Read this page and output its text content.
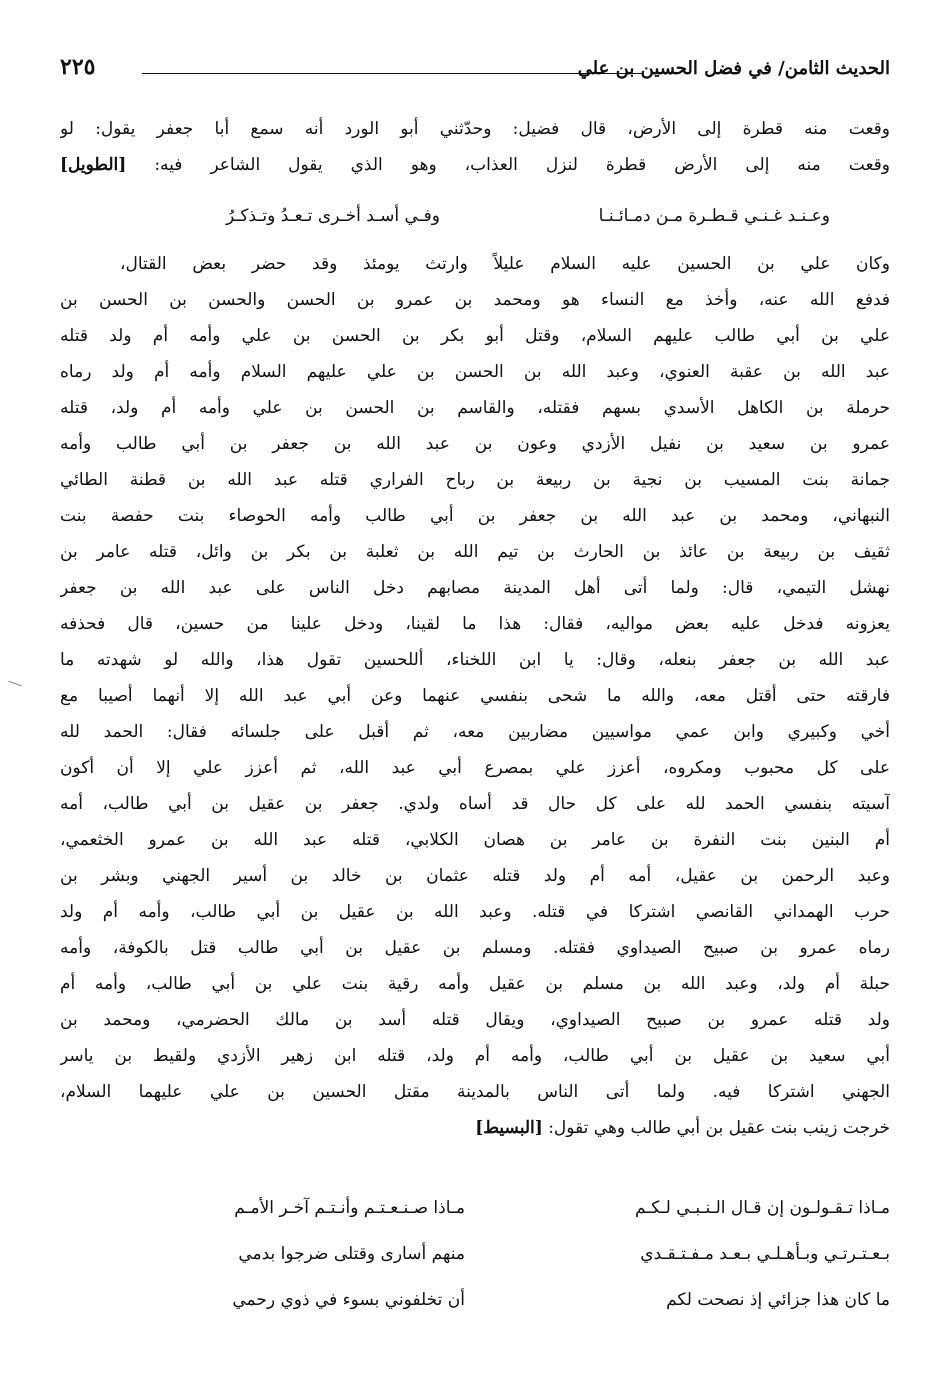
الحديث الثامن/ في فضل الحسين بن علي
٢٢٥
وقعت منه قطرة إلى الأرض، قال فضيل: وحدّثني أبو الورد أنه سمع أبا جعفر يقول: لو
وقعت منه إلى الأرض قطرة لنزل العذاب، وهو الذي يقول الشاعر فيه: [الطويل]
وعـنـد غـنـي قـطـرة مـن دمـائـنـا
وفـي أسـد أخـرى تـعـدُ وتـذكـرُ
وكان علي بن الحسين عليه السلام عليلاً وارتث يومئذ وقد حضر بعض القتال،
فدفع الله عنه، وأخذ مع النساء هو ومحمد بن عمرو بن الحسن والحسن بن الحسن بن
علي بن أبي طالب عليهم السلام، وقتل أبو بكر بن الحسن بن علي وأمه أم ولد قتله
عبد الله بن عقبة العنوي، وعبد الله بن الحسن بن علي عليهم السلام وأمه أم ولد رماه
حرملة بن الكاهل الأسدي بسهم فقتله، والقاسم بن الحسن بن علي وأمه أم ولد، قتله
عمرو بن سعيد بن نفيل الأزدي وعون بن عبد الله بن جعفر بن أبي طالب وأمه
جمانة بنت المسيب بن نجية بن ربيعة بن رباح الفراري قتله عبد الله بن قطنة الطائي
النبهاني، ومحمد بن عبد الله بن جعفر بن أبي طالب وأمه الحوصاء بنت حفصة بنت
ثقيف بن ربيعة بن عائذ بن الحارث بن تيم الله بن ثعلبة بن بكر بن وائل، قتله عامر بن
نهشل التيمي، قال: ولما أتى أهل المدينة مصابهم دخل الناس على عبد الله بن جعفر
يعزونه فدخل عليه بعض مواليه، فقال: هذا ما لقينا، ودخل علينا من حسين، قال فحذفه
عبد الله بن جعفر بنعله، وقال: يا ابن اللخناء، أللحسين تقول هذا، والله لو شهدته ما
فارقته حتى أقتل معه، والله ما شحى بنفسي عنهما وعن أبي عبد الله إلا أنهما أصيبا مع
أخي وكبيري وابن عمي مواسيين مضاربين معه، ثم أقبل على جلسائه فقال: الحمد لله
على كل محبوب ومكروه، أعزز علي بمصرع أبي عبد الله، ثم أعزز علي إلا أن أكون
آسيته بنفسي الحمد لله على كل حال قد أساه ولدي. جعفر بن عقيل بن أبي طالب، أمه
أم البنين بنت النفرة بن عامر بن هصان الكلابي، قتله عبد الله بن عمرو الخثعمي،
وعبد الرحمن بن عقيل، أمه أم ولد قتله عثمان بن خالد بن أسير الجهني وبشر بن
حرب الهمداني القانصي اشتركا في قتله. وعبد الله بن عقيل بن أبي طالب، وأمه أم ولد
رماه عمرو بن صبيح الصيداوي فقتله. ومسلم بن عقيل بن أبي طالب قتل بالكوفة، وأمه
حبلة أم ولد، وعبد الله بن مسلم بن عقيل وأمه رقية بنت علي بن أبي طالب، وأمه أم
ولد قتله عمرو بن صبيح الصيداوي، ويقال قتله أسد بن مالك الحضرمي، ومحمد بن
أبي سعيد بن عقيل بن أبي طالب، وأمه أم ولد، قتله ابن زهير الأزدي ولقيط بن ياسر
الجهني اشتركا فيه. ولما أتى الناس بالمدينة مقتل الحسين بن علي عليهما السلام،
خرجت زينب بنت عقيل بن أبي طالب وهي تقول: [البسيط]
مـاذا تـقـولـون إن قـال الـنـبـي لـكـم
مـاذا صـنـعـتـم وأنـتـم آخـر الأمـم
بـعـتـرتـي وبـأهـلـي بـعـد مـفـتـقـدي
منهم أسارى وقتلى ضرجوا بدمي
ما كان هذا جزائي إذ نصحت لكم
أن تخلفوني بسوء في ذوي رحمي
